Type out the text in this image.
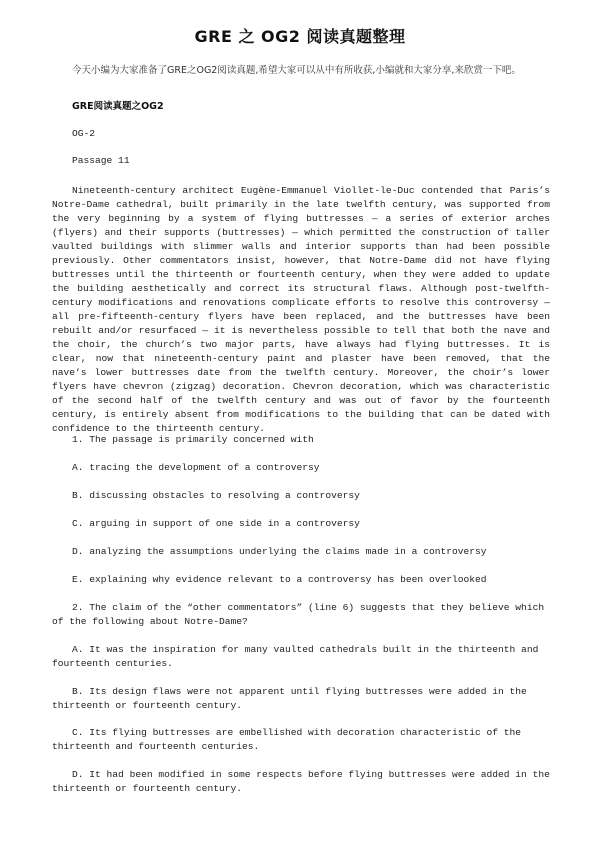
GRE 之 OG2 阅读真题整理
今天小编为大家准备了GRE之OG2阅读真题,希望大家可以从中有所收获,小编就和大家分享,来欣赏一下吧。
GRE阅读真题之OG2
OG-2
Passage 11
Nineteenth-century architect Eugène-Emmanuel Viollet-le-Duc contended that Paris’s Notre-Dame cathedral, built primarily in the late twelfth century, was supported from the very beginning by a system of flying buttresses — a series of exterior arches (flyers) and their supports (buttresses) — which permitted the construction of taller vaulted buildings with slimmer walls and interior supports than had been possible previously. Other commentators insist, however, that Notre-Dame did not have flying buttresses until the thirteenth or fourteenth century, when they were added to update the building aesthetically and correct its structural flaws. Although post-twelfth-century modifications and renovations complicate efforts to resolve this controversy — all pre-fifteenth-century flyers have been replaced, and the buttresses have been rebuilt and/or resurfaced — it is nevertheless possible to tell that both the nave and the choir, the church’s two major parts, have always had flying buttresses. It is clear, now that nineteenth-century paint and plaster have been removed, that the nave’s lower buttresses date from the twelfth century. Moreover, the choir’s lower flyers have chevron (zigzag) decoration. Chevron decoration, which was characteristic of the second half of the twelfth century and was out of favor by the fourteenth century, is entirely absent from modifications to the building that can be dated with confidence to the thirteenth century.
1. The passage is primarily concerned with
A. tracing the development of a controversy
B. discussing obstacles to resolving a controversy
C. arguing in support of one side in a controversy
D. analyzing the assumptions underlying the claims made in a controversy
E. explaining why evidence relevant to a controversy has been overlooked
2. The claim of the “other commentators” (line 6) suggests that they believe which of the following about Notre-Dame?
A. It was the inspiration for many vaulted cathedrals built in the thirteenth and fourteenth centuries.
B. Its design flaws were not apparent until flying buttresses were added in the thirteenth or fourteenth century.
C. Its flying buttresses are embellished with decoration characteristic of the thirteenth and fourteenth centuries.
D. It had been modified in some respects before flying buttresses were added in the thirteenth or fourteenth century.
